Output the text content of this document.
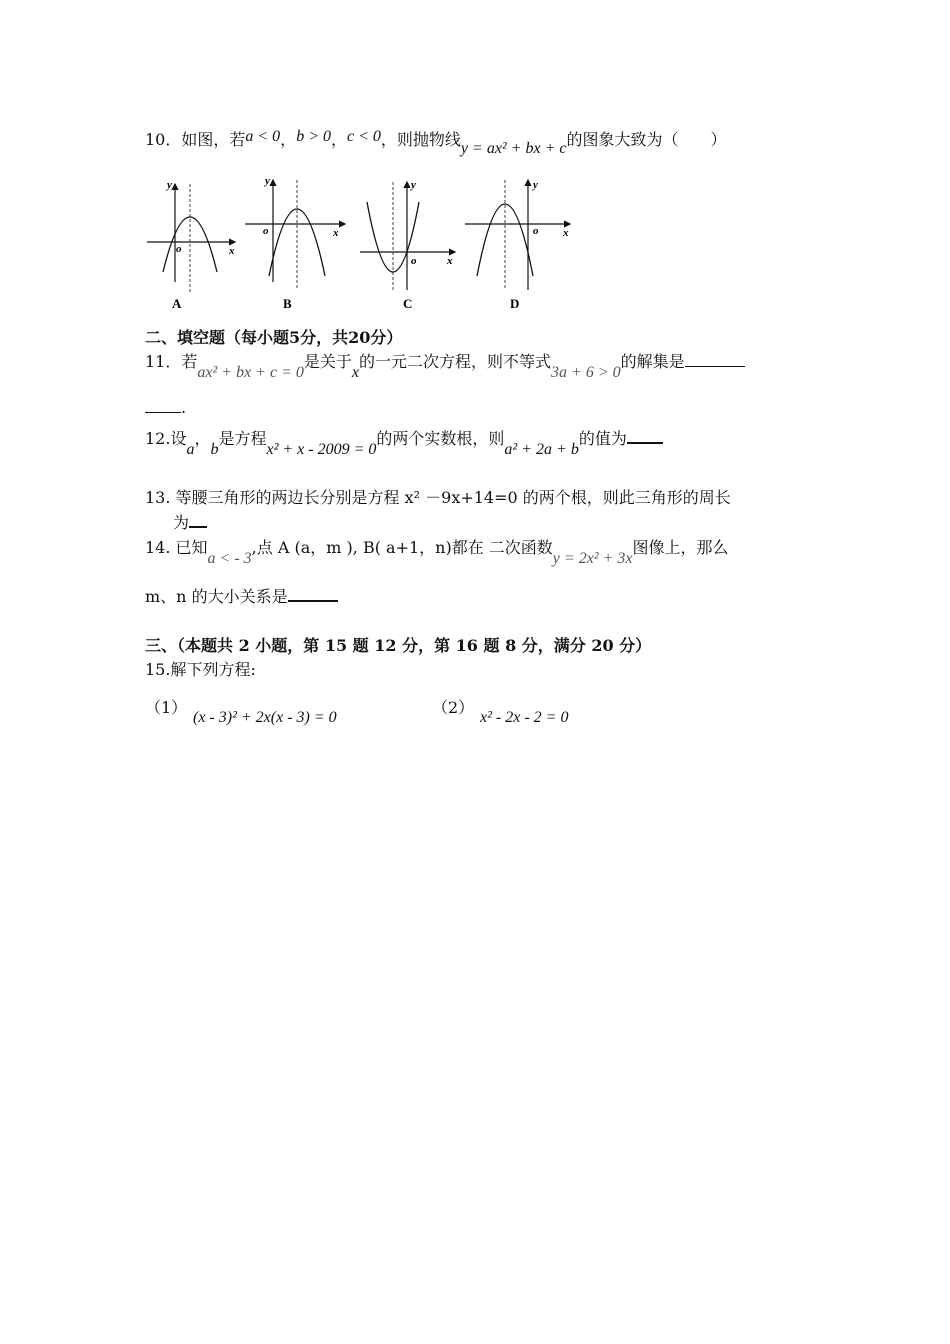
10．如图，若a < 0，b > 0，c < 0，则抛物线y = ax² + bx + c的图象大致为（　　）
y
x
o
A
y
x
o
B
y
x
o
C
y
x
o
D
二、填空题（每小题5分，共20分）
11．若ax² + bx + c = 0是关于x的一元二次方程，则不等式3a + 6 > 0的解集是
.
12.设a，b是方程x² + x - 2009 = 0的两个实数根，则a² + 2a + b的值为
13. 等腰三角形的两边长分别是方程 x² －9x+14=0 的两个根，则此三角形的周长
为
14. 已知a < - 3,点 A (a，m ), B( a+1，n)都在 二次函数y = 2x² + 3x图像上，那么
m、n 的大小关系是
三、（本题共 2 小题，第 15 题 12 分，第 16 题 8 分，满分 20 分）
15.解下列方程:
（1）
(x - 3)² + 2x(x - 3) = 0
（2）
x² - 2x - 2 = 0
